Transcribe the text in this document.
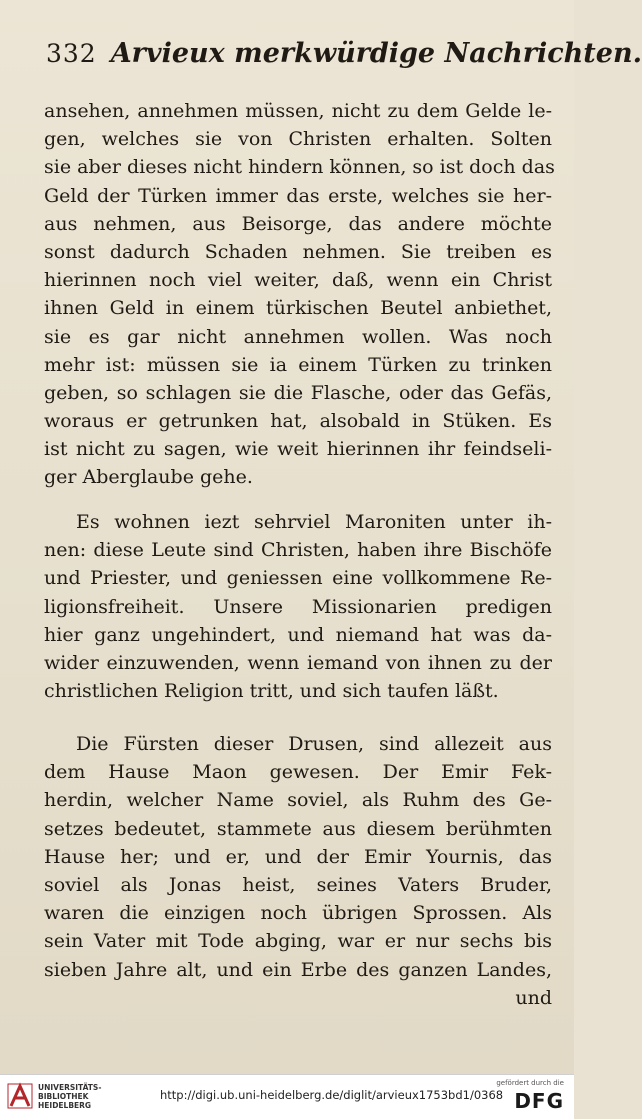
332 Arvieux merkwürdige Nachrichten.
ansehen, annehmen müssen, nicht zu dem Gelde le-
gen, welches sie von Christen erhalten. Solten
sie aber dieses nicht hindern können, so ist doch das
Geld der Türken immer das erste, welches sie her-
aus nehmen, aus Beisorge, das andere möchte
sonst dadurch Schaden nehmen. Sie treiben es
hierinnen noch viel weiter, daß, wenn ein Christ
ihnen Geld in einem türkischen Beutel anbiethet,
sie es gar nicht annehmen wollen. Was noch
mehr ist: müssen sie ia einem Türken zu trinken
geben, so schlagen sie die Flasche, oder das Gefäs,
woraus er getrunken hat, alsobald in Stüken. Es
ist nicht zu sagen, wie weit hierinnen ihr feindseli-
ger Aberglaube gehe.
Es wohnen iezt sehrviel Maroniten unter ih-
nen: diese Leute sind Christen, haben ihre Bischöfe
und Priester, und geniessen eine vollkommene Re-
ligionsfreiheit. Unsere Missionarien predigen
hier ganz ungehindert, und niemand hat was da-
wider einzuwenden, wenn iemand von ihnen zu der
christlichen Religion tritt, und sich taufen läßt.
Die Fürsten dieser Drusen, sind allezeit aus
dem Hause Maon gewesen. Der Emir Fek-
herdin, welcher Name soviel, als Ruhm des Ge-
setzes bedeutet, stammete aus diesem berühmten
Hause her; und er, und der Emir Yournis, das
soviel als Jonas heist, seines Vaters Bruder,
waren die einzigen noch übrigen Sprossen. Als
sein Vater mit Tode abging, war er nur sechs bis
sieben Jahre alt, und ein Erbe des ganzen Landes,
und
UNIVERSITÄTS-
BIBLIOTHEK
HEIDELBERG
http://digi.ub.uni-heidelberg.de/diglit/arvieux1753bd1/0368
gefördert durch die
DFG
